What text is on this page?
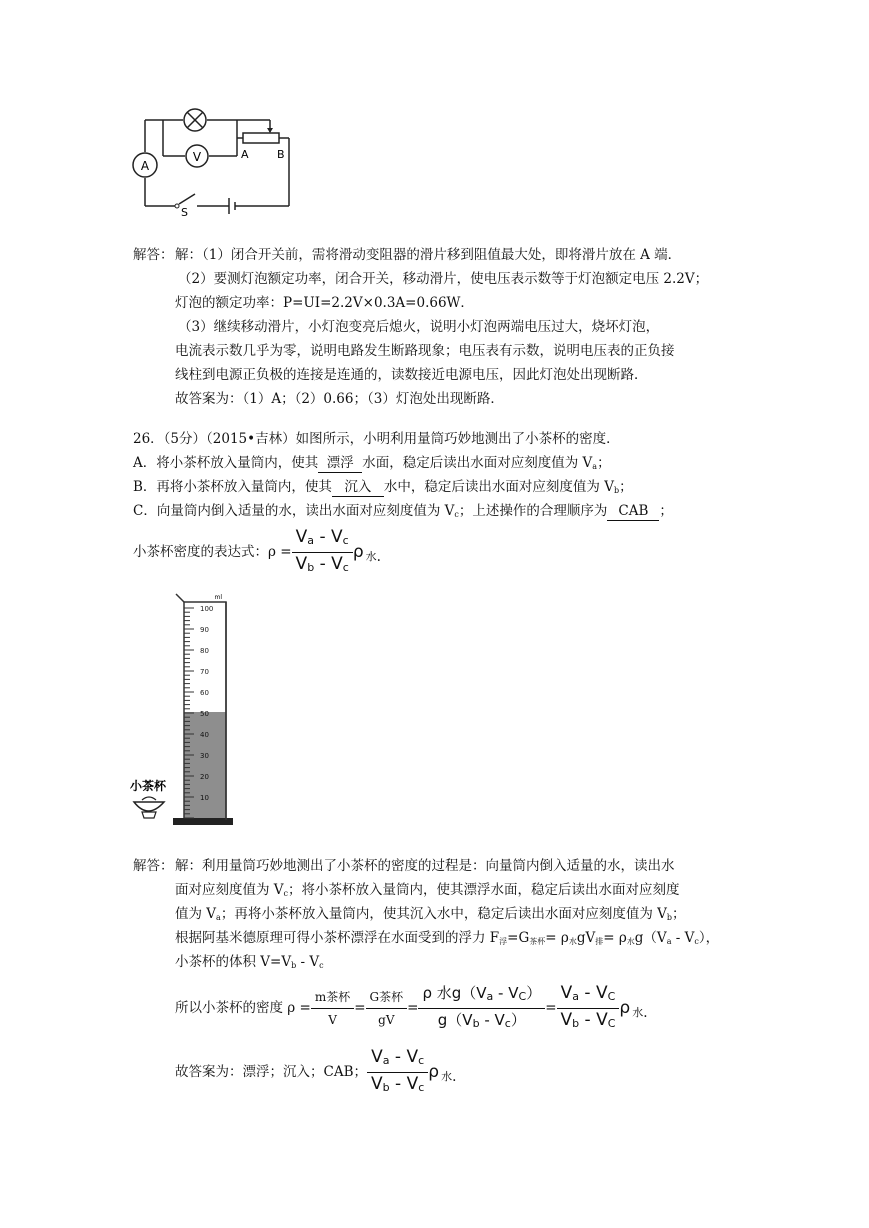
V
A
A	B
S
解答： 解：（1）闭合开关前，需将滑动变阻器的滑片移到阻值最大处，即将滑片放在 A 端．
（2）要测灯泡额定功率，闭合开关，移动滑片，使电压表示数等于灯泡额定电压 2.2V；
灯泡的额定功率：P=UI=2.2V×0.3A=0.66W．
（3）继续移动滑片，小灯泡变亮后熄火，说明小灯泡两端电压过大，烧坏灯泡，
电流表示数几乎为零，说明电路发生断路现象；电压表有示数，说明电压表的正负接
线柱到电源正负极的连接是连通的，读数接近电源电压，因此灯泡处出现断路．
故答案为：（1）A；（2）0.66；（3）灯泡处出现断路．
26．（5分）（2015•吉林）如图所示，小明利用量筒巧妙地测出了小茶杯的密度．
A．将小茶杯放入量筒内，使其 漂浮 水面，稳定后读出水面对应刻度值为 $V_a$；
B．再将小茶杯放入量筒内，使其 沉入 水中，稳定后读出水面对应刻度值为 $V_b$；
C．向量筒内倒入适量的水，读出水面对应刻度值为 $V_c$；上述操作的合理顺序为 CAB ；
小茶杯密度的表达式：$\rho = \frac{Va - Vc}{Vb - Vc}$ ρ 水 .
100
90
80
70
60
50
40
30
20
10
ml
小茶杯
解答： 解：利用量筒巧妙地测出了小茶杯的密度的过程是：向量筒内倒入适量的水，读出水
面对应刻度值为 $V_c$；将小茶杯放入量筒内，使其漂浮水面，稳定后读出水面对应刻度
值为 $V_a$；再将小茶杯放入量筒内，使其沉入水中，稳定后读出水面对应刻度值为 $V_b$；
根据阿基米德原理可得小茶杯漂浮在水面受到的浮力 $F_浮=G_{茶杯}= \rho_水gV_排= \rho_水g(V_a - V_c)$，
小茶杯的体积 $V=V_b - V_c$
所以小茶杯的密度 ρ =
m茶杯
V
=
G茶杯
gV
=
ρ 水g（Va - VC）
g（Vb - Vc）
= $\frac{Va - VC}{Vb - VC}$ ρ 水 .
故答案为：漂浮；沉入；CAB；
Va - Vc
Vb - Vc
ρ 水 .
